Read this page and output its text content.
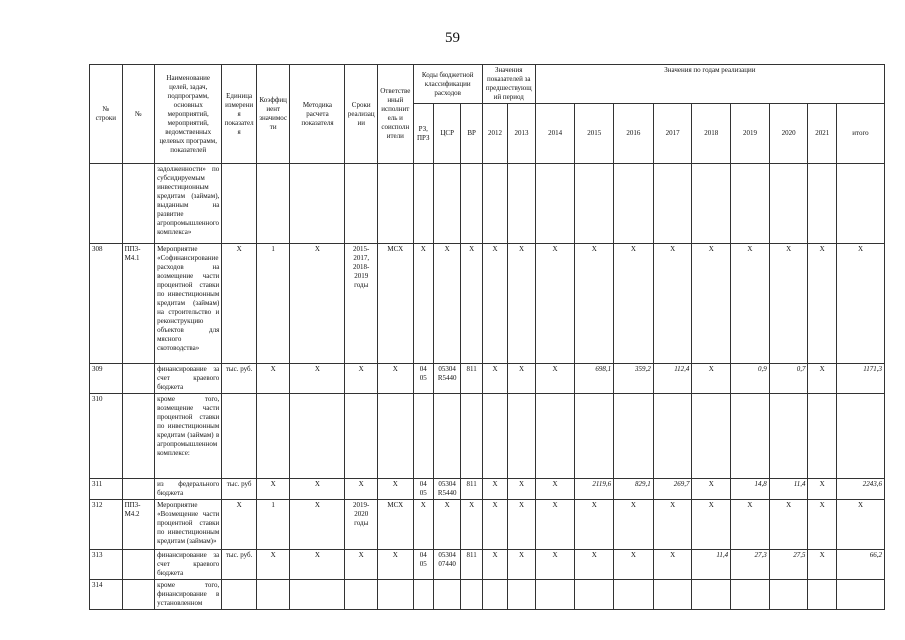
59
№ строки	№	Наименование целей, задач, подпрограмм, основных мероприятий, мероприятий, ведомственных целевых программ, показателей	Единица измерения показателя	Коэффициент значимости	Методика расчета показателя	Сроки реализации	Ответственный исполнитель и соисполнители	Коды бюджетной классификации расходов			Значения показателей за предшествующий период		Значения по годам реализации								
								РЗ, ПРЗ	ЦСР	ВР	2012	2013	2014	2015	2016	2017	2018	2019	2020	2021	итого
		задолженности» по субсидируемым инвестиционным кредитам (займам), выданным на развитие агропромышленного комплекса»																			
308	ПП3-М4.1	Мероприятие «Софинансирование расходов на возмещение части процентной ставки по инвестиционным кредитам (займам) на строительство и реконструкцию объектов для мясного скотоводства»	Х	1	Х	2015-2017, 2018-2019 годы	МСХ	Х	Х	Х	Х	Х	Х	Х	Х	Х	Х	Х	Х	Х	Х
309		финансирование за счет краевого бюджета	тыс. руб.	Х	Х	Х	Х	04 05	05304 R5440	811	Х	Х	Х	698,1	359,2	112,4	Х	0,9	0,7	Х	1171,3
310		кроме того, возмещение части процентной ставки по инвестиционным кредитам (займам) в агропромышленном комплексе:																			
311		из федерального бюджета	тыс. руб	Х	Х	Х	Х	04 05	05304 R5440	811	Х	Х	Х	2119,6	829,1	269,7	Х	14,8	11,4	Х	2243,6
312	ПП3-М4.2	Мероприятие «Возмещение части процентной ставки по инвестиционным кредитам (займам)»	Х	1	Х	2019-2020 годы	МСХ	Х	Х	Х	Х	Х	Х	Х	Х	Х	Х	Х	Х	Х	Х
313		финансирование за счет краевого бюджета	тыс. руб.	Х	Х	Х	Х	04 05	05304 07440	811	Х	Х	Х	Х	Х	Х	11,4	27,3	27,5	Х	66,2
314		кроме того, финансирование в установленном																			
